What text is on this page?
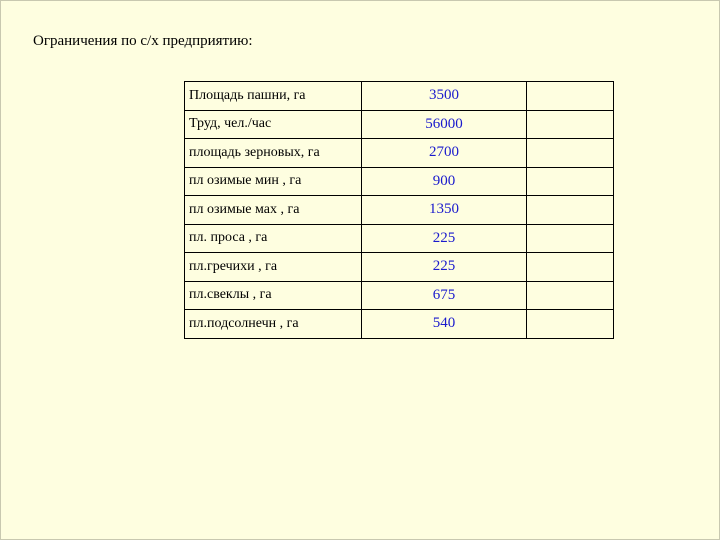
Ограничения по с/х предприятию:
Площадь пашни, га	3500	
Труд, чел./час	56000	
площадь зерновых, га	2700	
пл озимые мин , га	900	
пл озимые мах , га	1350	
пл. проса , га	225	
пл.гречихи , га	225	
пл.свеклы , га	675	
пл.подсолнечн , га	540	
